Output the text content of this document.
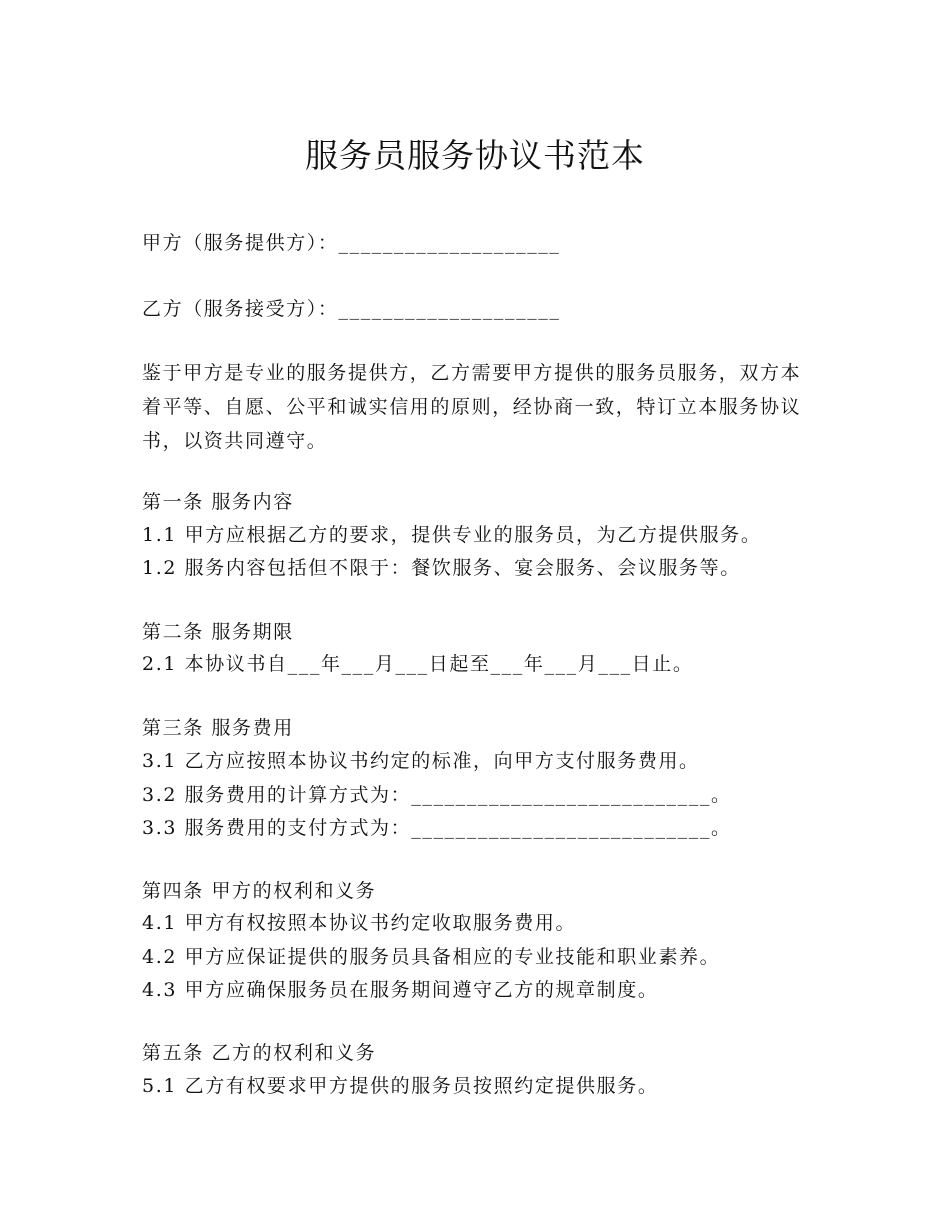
服务员服务协议书范本
甲方（服务提供方）：____________________
乙方（服务接受方）：____________________

鉴于甲方是专业的服务提供方，乙方需要甲方提供的服务员服务，双方本着平等、自愿、公平和诚实信用的原则，经协商一致，特订立本服务协议书，以资共同遵守。

第一条 服务内容
1.1 甲方应根据乙方的要求，提供专业的服务员，为乙方提供服务。
1.2 服务内容包括但不限于：餐饮服务、宴会服务、会议服务等。
第二条 服务期限
2.1 本协议书自___年___月___日起至___年___月___日止。
第三条 服务费用
3.1 乙方应按照本协议书约定的标准，向甲方支付服务费用。
3.2 服务费用的计算方式为：___________________________。
3.3 服务费用的支付方式为：___________________________。
第四条 甲方的权利和义务
4.1 甲方有权按照本协议书约定收取服务费用。
4.2 甲方应保证提供的服务员具备相应的专业技能和职业素养。
4.3 甲方应确保服务员在服务期间遵守乙方的规章制度。
第五条 乙方的权利和义务
5.1 乙方有权要求甲方提供的服务员按照约定提供服务。
